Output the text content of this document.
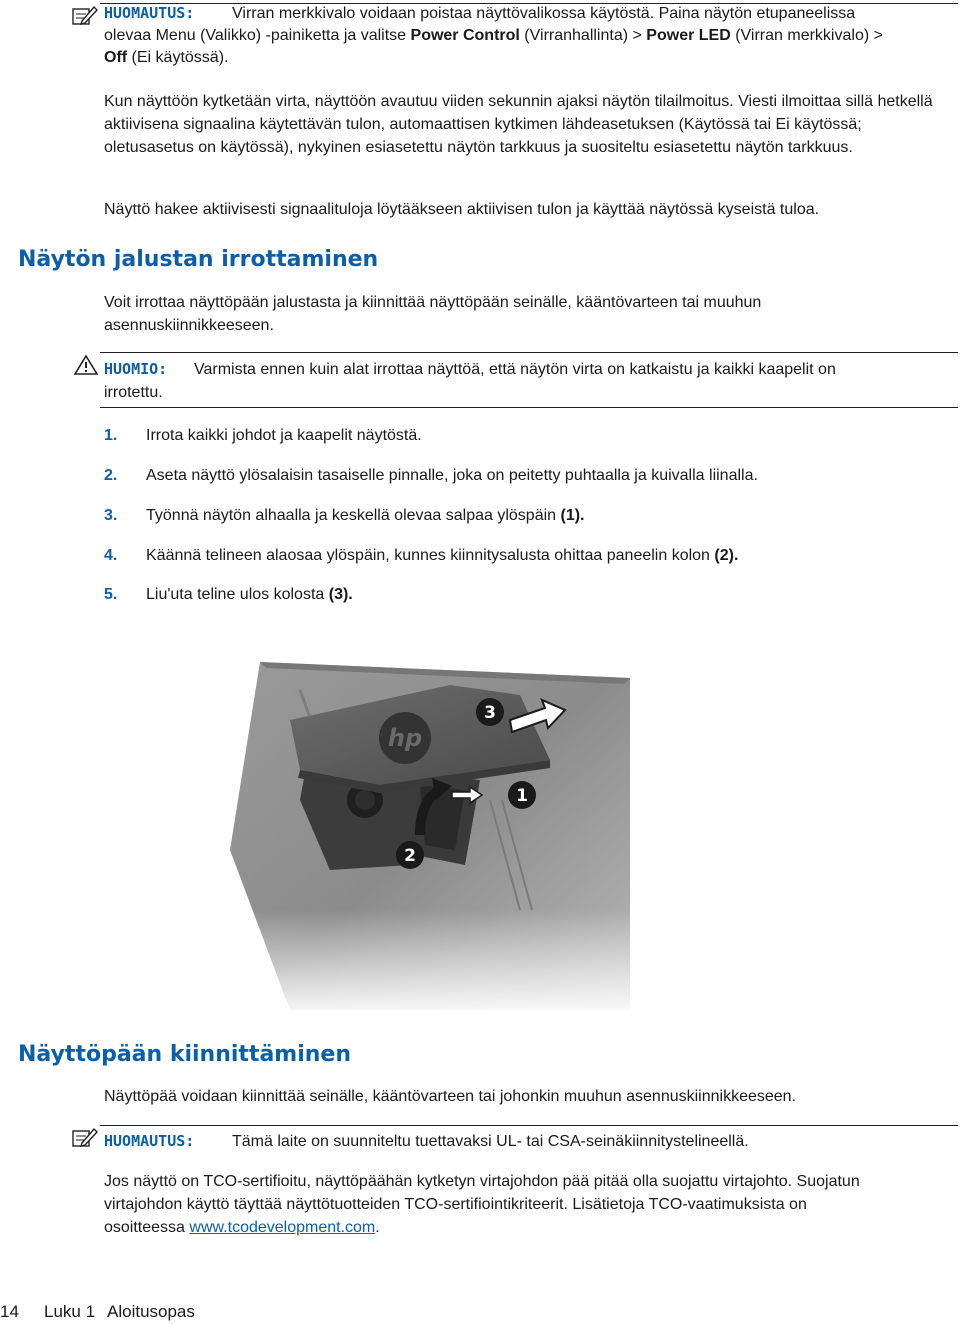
HUOMAUTUS: Virran merkkivalo voidaan poistaa näyttövalikossa käytöstä. Paina näytön etupaneelissa
olevaa Menu (Valikko) -painiketta ja valitse Power Control (Virranhallinta) > Power LED (Virran merkkivalo) >
Off (Ei käytössä).
Kun näyttöön kytketään virta, näyttöön avautuu viiden sekunnin ajaksi näytön tilailmoitus. Viesti ilmoittaa sillä hetkellä aktiivisena signaalina käytettävän tulon, automaattisen kytkimen lähdeasetuksen (Käytössä tai Ei käytössä; oletusasetus on käytössä), nykyinen esiasetettu näytön tarkkuus ja suositeltu esiasetettu näytön tarkkuus.
Näyttö hakee aktiivisesti signaalituloja löytääkseen aktiivisen tulon ja käyttää näytössä kyseistä tuloa.
Näytön jalustan irrottaminen
Voit irrottaa näyttöpään jalustasta ja kiinnittää näyttöpään seinälle, kääntövarteen tai muuhun asennuskiinnikkeeseen.
HUOMIO: Varmista ennen kuin alat irrottaa näyttöä, että näytön virta on katkaistu ja kaikki kaapelit on
irrotettu.
1. Irrota kaikki johdot ja kaapelit näytöstä.
2. Aseta näyttö ylösalaisin tasaiselle pinnalle, joka on peitetty puhtaalla ja kuivalla liinalla.
3. Työnnä näytön alhaalla ja keskellä olevaa salpaa ylöspäin (1).
4. Käännä telineen alaosaa ylöspäin, kunnes kiinnitysalusta ohittaa paneelin kolon (2).
5. Liu'uta teline ulos kolosta (3).
hp
3
1
2
Näyttöpään kiinnittäminen
Näyttöpää voidaan kiinnittää seinälle, kääntövarteen tai johonkin muuhun asennuskiinnikkeeseen.
HUOMAUTUS: Tämä laite on suunniteltu tuettavaksi UL- tai CSA-seinäkiinnitystelineellä.
Jos näyttö on TCO-sertifioitu, näyttöpäähän kytketyn virtajohdon pää pitää olla suojattu virtajohto. Suojatun
virtajohdon käyttö täyttää näyttötuotteiden TCO-sertifiointikriteerit. Lisätietoja TCO-vaatimuksista on
osoitteessa www.tcodevelopment.com.
14 Luku 1 Aloitusopas
